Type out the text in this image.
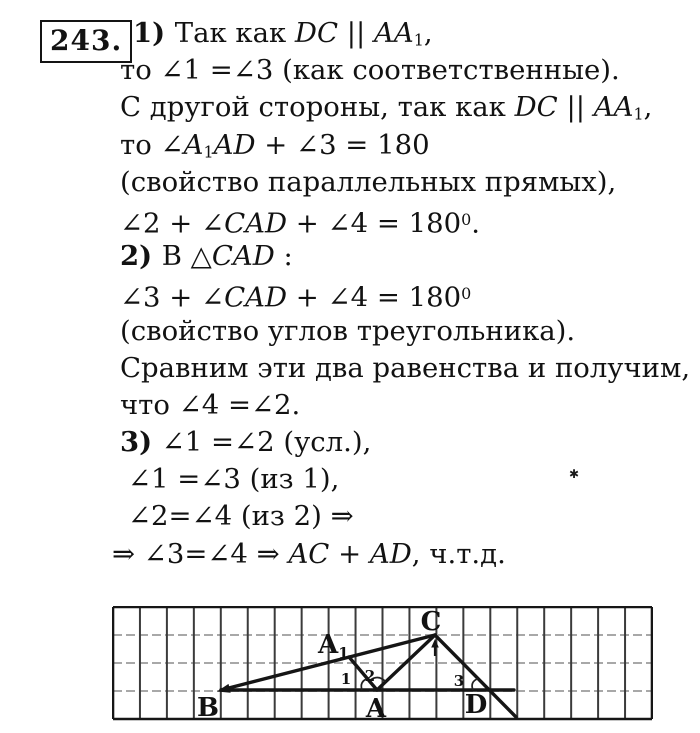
243. 1) Так как DC || $AA_1$,
то ∠1 =∠3 (как соответственные).
С другой стороны, так как DC || $AA_1$,
то $\angle A_1AD$ + ∠3 = 180
(свойство параллельных прямых),
∠2 + ∠CAD + ∠4 = $180^0$.
2) В △CAD :
∠3 + ∠CAD + ∠4 = $180^0$
(свойство углов треугольника).
Сравним эти два равенства и получим,
что ∠4 =∠2.
3) ∠1 =∠2 (усл.),
∠1 =∠3 (из 1),
∠2=∠4 (из 2) ⇒
⇒ ∠3=∠4 ⇒ AC + AD, ч.т.д.
✱
B	A	D
C
A1
1 2	3
